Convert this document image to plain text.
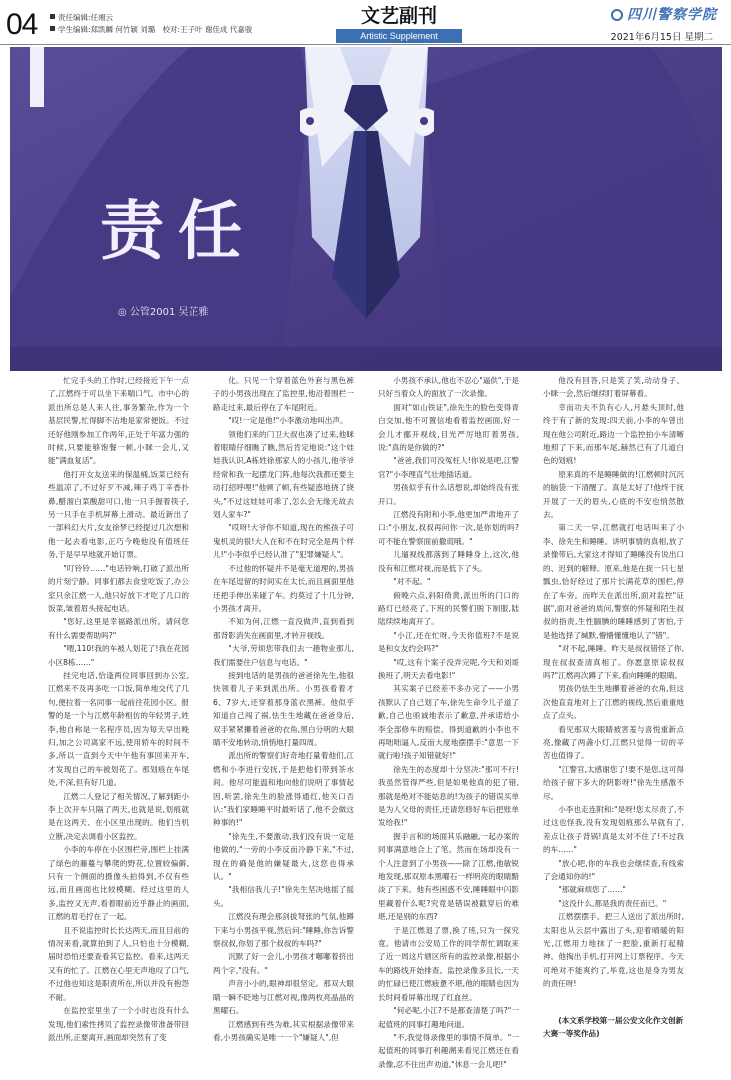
04	责任编辑:任湘云
学生编辑:郑凯麟 何竹颖 刘璐 校对:王子叶 谢佳成 代嘉骏
文艺副刊
Artistic Supplement
四川警察学院
2021年6月15日 星期二
责任
◎ 公管2001 吴芷雅

忙完手头的工作时,已经接近下午一点了,江燃终于可以坐下来喘口气。市中心的派出所总是人来人往,事务繁杂,作为一个基层民警,忙得脚不沾地是家常便饭。不过还好他刚参加工作两年,正处于年富力强的时候,只要能够饱餐一顿,小眯一会儿,又能"满血复活"。

他打开女友送来的保温桶,饭菜已经有些温凉了,不过好歹不减,辣子鸡丁辛香扑鼻,醋溜白菜酸甜可口,他一只手握着筷子,另一只手在手机屏幕上滑动。最近新出了一部科幻大片,女友徐梦已经提过几次想和他一起去看电影,正巧今晚他没有值班任务,于是早早地就开始订票。

"叮铃铃……"电话铃响,打破了派出所的片刻宁静。同事们都去食堂吃饭了,办公室只余江燃一人,他只好放下才吃了几口的饭菜,皱着眉头接起电话。

"您好,这里是幸福路派出所。请问您有什么需要帮助吗?"

"喂,110!我的车被人划花了!我在花园小区8栋……"

挂完电话,恰逢两位同事回到办公室,江燃来不及再多吃一口饭,简单地交代了几句,便拉着一名同事一起前往花园小区。报警的是一个与江燃年龄相仿的年轻男子,姓李,他自称是一名程序员,因为每天早出晚归,加之公司离家不远,使用轿车的时间不多,所以一直到今天中午他有事回来开车,才发现自己的车被划花了。那划痕在车尾处,不深,但有好几道。

江燃二人登记了相关情况,了解到距小李上次开车只隔了两天,也就是说,划痕就是在这两天、在小区里出现的。他们当机立断,决定去调看小区监控。

小李的车停在小区围栏旁,围栏上挂满了绿色的藤蔓与攀爬的野花,位置较偏僻,只有一个侧面的摄像头拍得到,不仅有些远,而且画面也比较模糊。经过这里的人多,监控又无声,看着眼前近乎静止的画面,江燃的眉毛拧在了一起。

且不说监控时长长达两天,而且目前的情况来看,就算拍到了人,只怕也十分模糊,届时恐怕还要查看其它监控。看来,这两天又有的忙了。江燃在心里无声地叹了口气,不过他也知这是职责所在,所以并没有抱怨不耐。

在监控室里坐了一个小时也没有什么发现,他们索性拷贝了监控录像带准备带回派出所,正要离开,画面却突然有了变

化。只见一个穿着蓝色外套与黑色裤子的小男孩出现在了监控里,他沿着围栏一路走过来,最后停在了车尾附近。

"哎!一定是他!"小李激动地叫出声。

领他们来的门卫大叔也凑了过来,他眯着眼睛仔细瞧了瞧,然后肯定地说:"这个娃娃我认识,A栋姓徐那家人的小孩儿,他爷爷经常和我一起摆龙门阵,他每次我都还要主动打招呼哩!"他顿了顿,有些疑惑地挠了挠头,"不过这娃娃可乖了,怎么会无缘无故去划人家车?"

"哎呀!大爷你不知道,现在的熊孩子可鬼机灵的很!大人在和不在时完全是两个样儿!"小李似乎已经认准了"犯罪嫌疑人"。

不过他的怀疑并不是毫无道理的,男孩在车尾逗留的时间实在太长,而且画面里他还把手伸出来碰了车。约莫过了十几分钟,小男孩才离开。

不知为何,江燃一直没做声,直到看到那背影消失在画面里,才转开视线。

"大爷,劳烦您带我们去一趟物业那儿,我们需要住户信息与电话。"

接到电话的是男孩的爸爸徐先生,他很快领着儿子来到派出所。小男孩看着才6、7岁大,还穿着那身蓝衣黑裤。他似乎知道自己闯了祸,怯生生地藏在爸爸身后,双手紧紧攥着爸爸的衣角,黑白分明的大眼睛不安地转动,悄悄地打量四周。

派出所的警察们好奇地打量着他们,江燃和小李进行安抚,于是把他们带到茶水间。他尽可能温和地向他们说明了事情起因,听罢,徐先生的脸涨得通红,他关口否认:"我们家睡睡平时最听话了,他不会做这种事的!"

"徐先生,不要激动,我们没有说一定是他做的,"一旁的小李反而冷静下来,"不过,现在的确是他的嫌疑最大,这您也得承认。"

"我相信我儿子!"徐先生坚决地摇了摇头。

江燃没有理会那剑拔弩张的气氛,他蹲下来与小男孩平视,然后问:"睡睡,你告诉警察叔叔,你划了那个叔叔的车吗?"

沉默了好一会儿,小男孩才嘟嘟着挤出两个字,"没有。"

声音小小的,眼神却很坚定。那双大眼睛一瞬不眨地与江燃对视,像两枚亮晶晶的黑曜石。

江燃感到有些为难,其实根据录像带来看,小男孩确实是唯一一个"嫌疑人",但

小男孩不承认,他也不忍心"逼供",于是只好当着众人的面放了一次录像。

面对"如山铁证",徐先生的脸色变得青白交加,他不可置信地看着监控画面,好一会儿才挪开视线,目光严厉地盯着男孩,说:"真的是你做的?"

"爸爸,我们可没冤枉人!你说是吧,江警官?"小李理直气壮地插话道。

男孩似乎有什么话想说,却始终没有张开口。

江燃没有附和小李,他更加严肃地开了口:"小朋友,叔叔再问你一次,是你划的吗?可不能在警察面前撒谎哦。"

儿遛视线都落到了睡睡身上,这次,他没有和江燃对视,而是低下了头。

"对不起。"

俯晚六点,斜阳倚黄,派出所的门口的路灯已经亮了,下班的民警们脱下制服,陆陆续续地离开了。

"小江,还在忙呀,今天你值班?不是说是和女友约会吗?"

"哎,这有个案子没弄完呢,今天和刘哥换班了,明天去看电影!"

其实案子已经差不多办完了——小男孩默认了自己划了车,徐先生命令儿子道了歉,自己也亟诚地表示了歉意,并承诺给小李全部修车的赔偿。得到道歉的小李也不再咄咄逼人,反而大度地摆摆手:"意思一下就行啦!孩子知错就好!"

徐先生的态度却十分坚决:"那可不行!我虽然管得严些,但是如果他真的犯了错,那就是绝对不能姑息的!为孩子的错误买单是为人父母的责任,还请您修好车后把账单发给我!"

握手言和的场面其乐融融,一起办案的同事满意地合上了笔。然而在场却没有一个人注意到了小男孩——除了江燃,他敏锐地发现,那双原本黑曜石一样明亮的眼睛黯淡了下来。他有些困惑不安,睡睡眼中闪影里藏着什么呢?究竟是错误被戳穿后的难堪,还是别的东西?

于是江燃退了票,换了班,只为一探究竟。他请市公安局工作的同学帮忙调取来了近一周这片辖区所有的监控录像,根据小车的路线开始排查。监控录像多且长,一天的忙碌已使江燃疲惫不堪,他的眼睛也因为长时间看屏幕出现了红血丝。

"何必呢,小江?不是都查清楚了吗?"一起值班的同事打趣地问道。

"不,我觉得录像里的事情不简单。"一起值班的同事打利趣溯来看见江燃还在看录像,忍不住出声劝道,"休息一会儿吧!"

他没有回答,只是笑了笑,动动身子、小眯一会,然后继续盯着屏幕看。

幸而功夫不负有心人,月悬头顶时,他终于有了新的发现:四天前,小李的车曾出现在他公司附近,路边一个监控拍小车清晰地照了下来,而那车尾,赫然已有了几道白色的划痕!

原来真的不是睡睡做的!江燃顿时沉沉的脑袋一下清醒了。真是太好了!他终于抚开展了一天的眉头,心底的不安也悄然散去。

第二天一早,江燃就打电话叫来了小李、徐先生和睡睡。讲明事情的真相,放了录像带后,大家这才得知了睡睡没有说出口的、迟到的解释。原来,他是在捉一只七星瓢虫,恰好经过了那片长满花草的围栏,停在了车旁。而昨天在派出所,面对监控"证据",面对爸爸的质问,警察的怀疑和陌生叔叔的指责,生性腼腆的睡睡感到了害怕,于是他选择了缄默,懵懵懂懂地认了"错"。

"对不起,睡睡。昨天是叔叔错怪了你,现在叔叔查清真相了。你愿意原谅叔叔吗?"江燃再次蹲了下来,看向睡睡的眼睛。

男孩仍怯生生地攥着爸爸的衣角,但这次他直直地对上了江燃的视线,然后重重地点了点头。

看见那双大眼睛被害羞与喜悦重新点亮,像藏了两盏小灯,江燃只觉得一切的辛苦也值得了。

"江警官,太感谢您了!要不是您,这可得给孩子留下多大的阴影呀!"徐先生感激不尽。

小李也走连附和:"是呀!您太尽责了,不过这也怪我,没有发现划痕那么早就有了,差点让孩子背锅!真是太对不住了!不过我的车……"

"放心吧,你的车我也会继续查,有线索了会通知你的!"

"那就麻烦您了……"

"这没什么,都是我的责任而已。"

江燃摆摆手。把三人送出了派出所时,太阳也从云层中露出了头,迎着晴暖的阳光,江燃用力地抹了一把脸,重新打起精神。他掏出手机,打开网上订票程序。今天可绝对不能爽约了,毕竟,这也是身为男友的责任呀!

(本文系学校第一届公安文化作文创新大赛一等奖作品)
